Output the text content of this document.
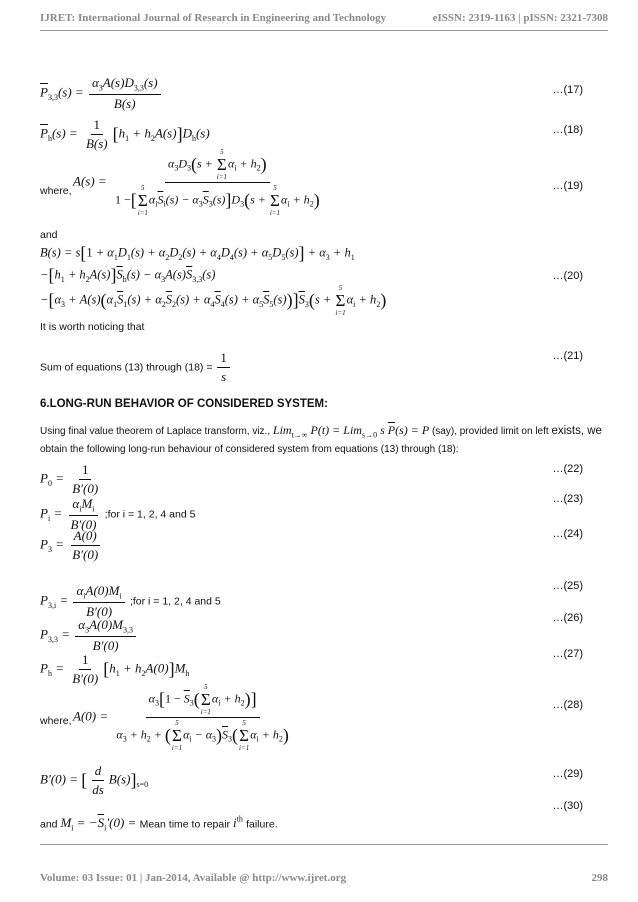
IJRET: International Journal of Research in Engineering and Technology	eISSN: 2319-1163 | pISSN: 2321-7308
$\overline{P}_{3,3}(s) = \frac{\alpha_3A(s)D_{3,3}(s)}{B(s)}$	…(17)
$\overline{P}_h(s) = \frac{1}{B(s)} [h_1 + h_2A(s)]D_h(s)$	…(18)
where,
$A(s) = \alpha_3D_3(s + 5$
Σ
$i=1\alpha_i + h_2$)
1 −[5
Σ
$i=1\alpha_i\overline{S}_i(s) - \alpha_3\overline{S}_3(s)]D_3(s + 5$
Σ
$i=1\alpha_i + h_2$)	…(19)
and
$B(s) = s[1 + \alpha_1D_1(s) + \alpha_2D_2(s) + \alpha_4D_4(s) + \alpha_5D_5(s)] + \alpha_3 + h_1$
$-[h_1 + h_2A(s)]\overline{S}_h(s) - \alpha_3A(s)\overline{S}_{3,3}(s)$	…(20)
$-[\alpha_3 + A(s)(\alpha_1\overline{S}_1(s) + \alpha_2\overline{S}_2(s) + \alpha_4\overline{S}_4(s) + \alpha_5\overline{S}_5(s))]\overline{S}_3(s + 5$
Σ
$i=1\alpha_i + h_2$)
It is worth noticing that
Sum of equations (13) through $(18) = \frac{1}{s}$	…(21)
6.LONG-RUN BEHAVIOR OF CONSIDERED SYSTEM:
Using final value theorem of Laplace transform, viz., Lim$_{t\to\infty}$ P(t) = Lim$_{s\to 0}$ s $\overline{P}(s) = P$ (say), provided limit on left exists, we
obtain the following long-run behaviour of considered system from equations (13) through (18):
$P_0 = \frac{1}{B'(0)}$	…(22)
$P_i = \frac{\alpha_iM_i}{B'(0)}$ ;for i = 1, 2, 4 and 5
…(23)
$P_3 = \frac{A(0)}{B'(0)}$	…(24)
$P_{3,i} = \frac{\alpha_iA(0)M_i}{B'(0)}$ ;for i = 1, 2, 4 and 5
…(25)
$P_{3,3} = \frac{\alpha_3A(0)M_{3,3}}{B'(0)}$	…(26)
$P_h = \frac{1}{B'(0)} [h_1 + h_2A(0)]M_h$
…(27)
where, $A(0) = \alpha_3[1 - \overline{S}_3(5$
Σ
$i=1\alpha_i + h_2$)]
$\alpha_3 + h_2 + (5$
Σ
$i=1\alpha_i - \alpha_3)\overline{S}_3(5$
Σ
$i=1\alpha_i + h_2$)	…(28)
B′(0) = [ $\frac{d}{ds} B(s)]_{s=0}$
…(29)
and $M_i = -\overline{S}_i'(0)$ = Mean time to repair $i^{th}$ failure.
…(30)
Volume: 03 Issue: 01 | Jan-2014, Available @ http://www.ijret.org	298
